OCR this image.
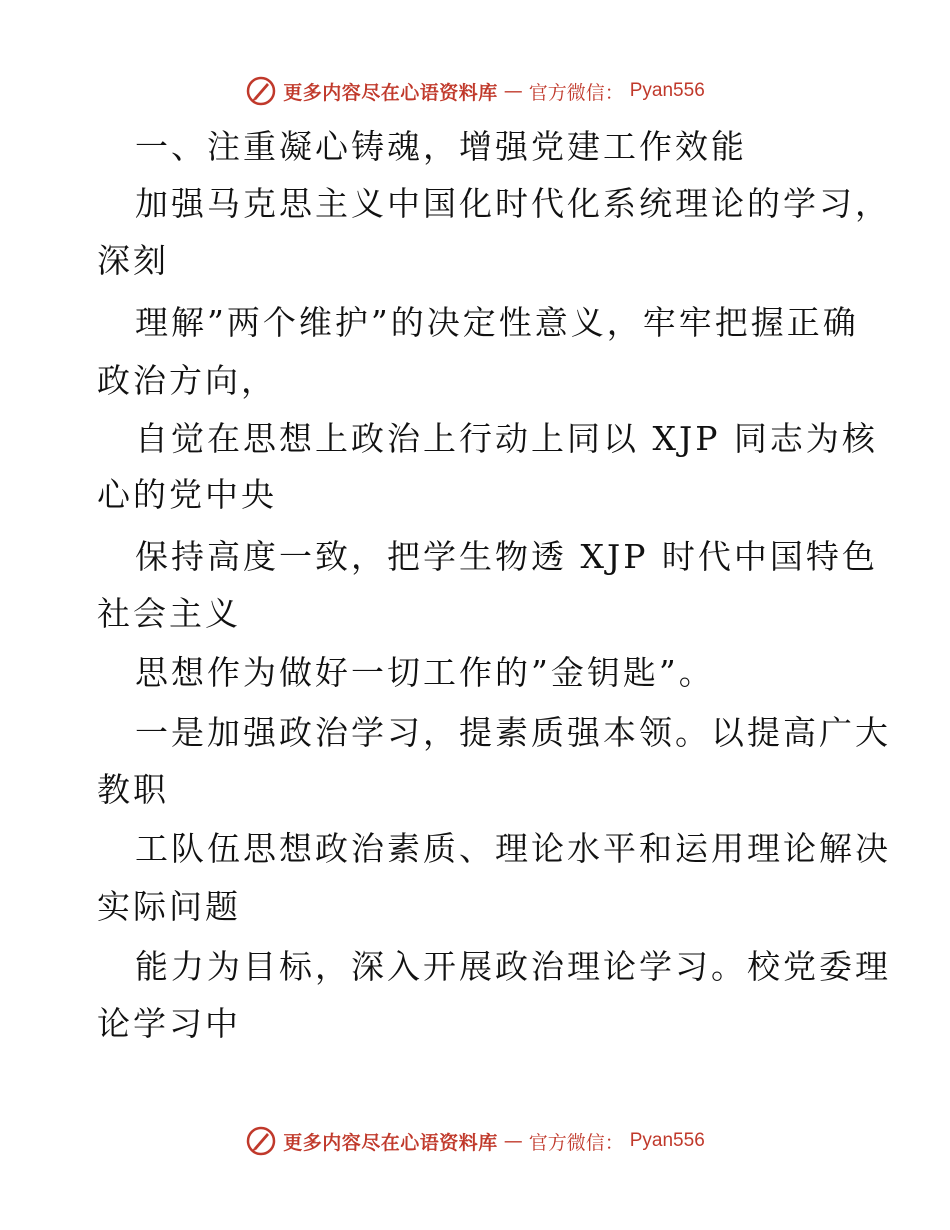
更多内容尽在心语资料库 — 官方微信： Pyan556
一、注重凝心铸魂，增强党建工作效能
加强马克思主义中国化时代化系统理论的学习，
深刻
理解”两个维护”的决定性意义，牢牢把握正确
政治方向，
自觉在思想上政治上行动上同以 XJP 同志为核
心的党中央
保持高度一致，把学生物透 XJP 时代中国特色
社会主义
思想作为做好一切工作的”金钥匙”。
一是加强政治学习，提素质强本领。以提高广大
教职
工队伍思想政治素质、理论水平和运用理论解决
实际问题
能力为目标，深入开展政治理论学习。校党委理
论学习中
更多内容尽在心语资料库 — 官方微信： Pyan556
